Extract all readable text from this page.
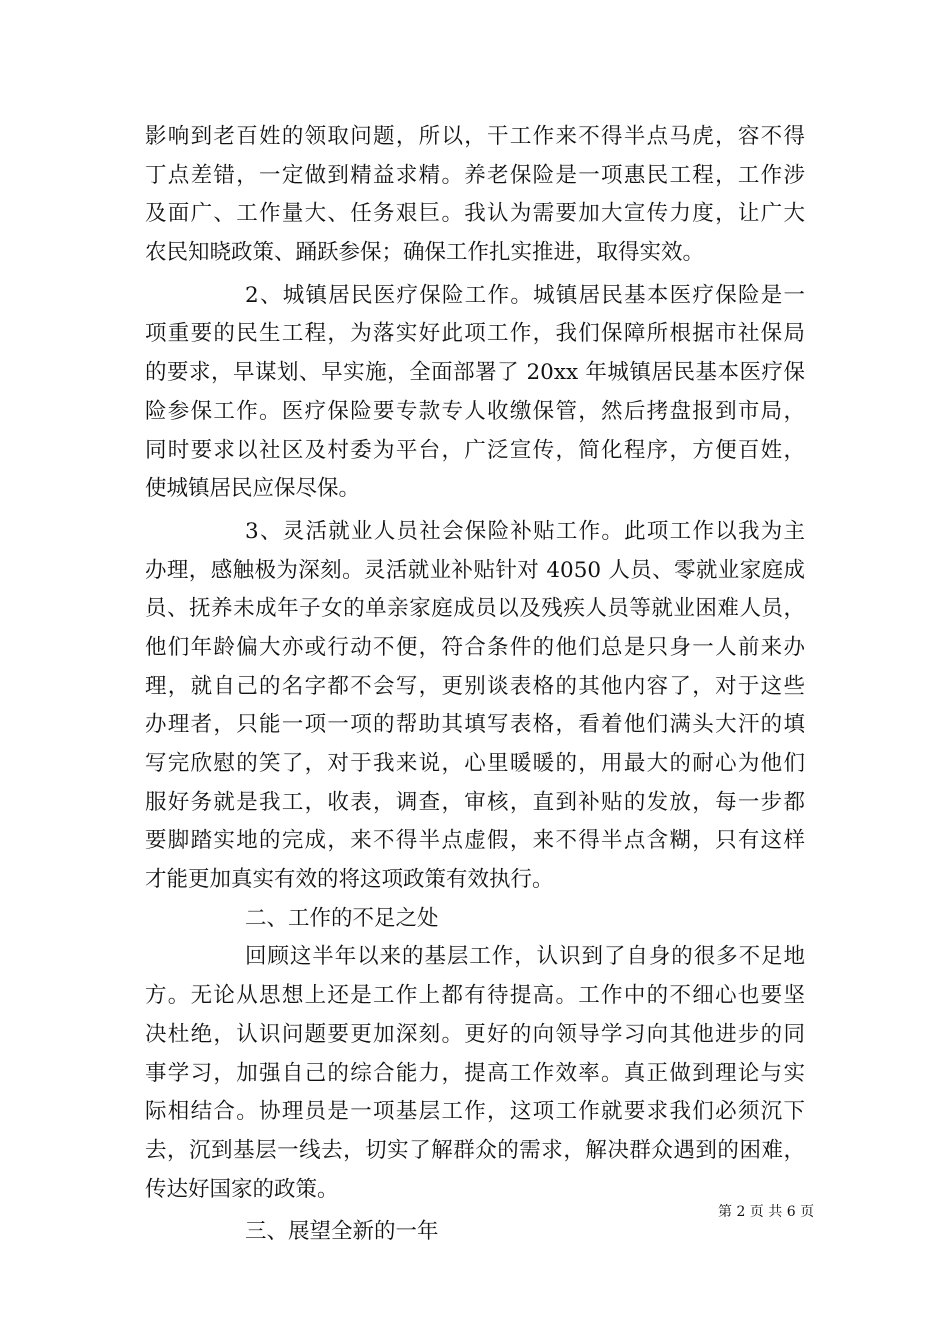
影响到老百姓的领取问题，所以，干工作来不得半点马虎，容不得
丁点差错，一定做到精益求精。养老保险是一项惠民工程，工作涉
及面广、工作量大、任务艰巨。我认为需要加大宣传力度，让广大
农民知晓政策、踊跃参保；确保工作扎实推进，取得实效。
2、城镇居民医疗保险工作。城镇居民基本医疗保险是一
项重要的民生工程，为落实好此项工作，我们保障所根据市社保局
的要求，早谋划、早实施，全面部署了 20xx 年城镇居民基本医疗保
险参保工作。医疗保险要专款专人收缴保管，然后拷盘报到市局，
同时要求以社区及村委为平台，广泛宣传，简化程序，方便百姓，
使城镇居民应保尽保。
3、灵活就业人员社会保险补贴工作。此项工作以我为主
办理，感触极为深刻。灵活就业补贴针对 4050 人员、零就业家庭成
员、抚养未成年子女的单亲家庭成员以及残疾人员等就业困难人员，
他们年龄偏大亦或行动不便，符合条件的他们总是只身一人前来办
理，就自己的名字都不会写，更别谈表格的其他内容了，对于这些
办理者，只能一项一项的帮助其填写表格，看着他们满头大汗的填
写完欣慰的笑了，对于我来说，心里暖暖的，用最大的耐心为他们
服好务就是我工，收表，调查，审核，直到补贴的发放，每一步都
要脚踏实地的完成，来不得半点虚假，来不得半点含糊，只有这样
才能更加真实有效的将这项政策有效执行。
二、工作的不足之处
回顾这半年以来的基层工作，认识到了自身的很多不足地
方。无论从思想上还是工作上都有待提高。工作中的不细心也要坚
决杜绝，认识问题要更加深刻。更好的向领导学习向其他进步的同
事学习，加强自己的综合能力，提高工作效率。真正做到理论与实
际相结合。协理员是一项基层工作，这项工作就要求我们必须沉下
去，沉到基层一线去，切实了解群众的需求，解决群众遇到的困难，
传达好国家的政策。
三、展望全新的一年
第 2 页 共 6 页
